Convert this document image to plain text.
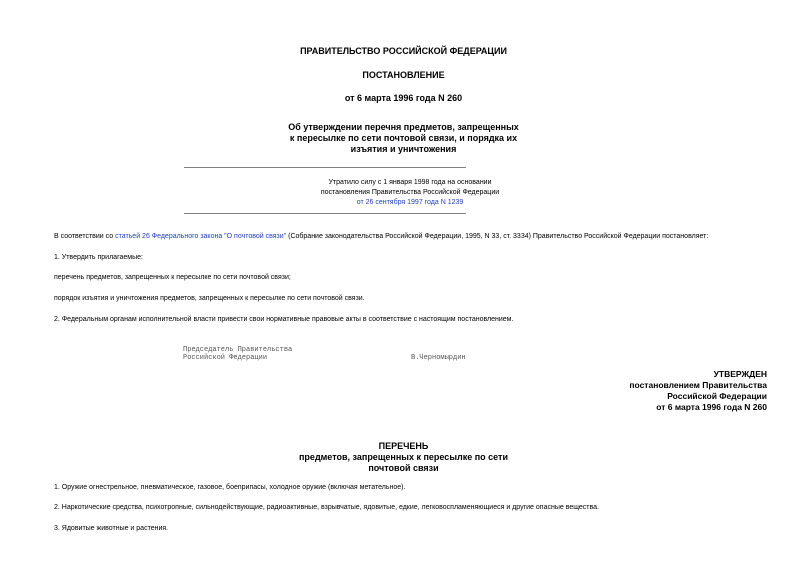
ПРАВИТЕЛЬСТВО РОССИЙСКОЙ ФЕДЕРАЦИИ
ПОСТАНОВЛЕНИЕ
от 6 марта 1996 года N 260
Об утверждении перечня предметов, запрещенных
к пересылке по сети почтовой связи, и порядка их
изъятия и уничтожения
Утратило силу с 1 января 1998 года на основании
постановления Правительства Российской Федерации
от 26 сентября 1997 года N 1239
В соответствии со статьей 26 Федерального закона "О почтовой связи" (Собрание законодательства Российской Федерации, 1995, N 33, ст. 3334) Правительство Российской Федерации постановляет:
1. Утвердить прилагаемые:
перечень предметов, запрещенных к пересылке по сети почтовой связи;
порядок изъятия и уничтожения предметов, запрещенных к пересылке по сети почтовой связи.
2. Федеральным органам исполнительной власти привести свои нормативные правовые акты в соответствие с настоящим постановлением.
Председатель Правительства
Российской Федерации	В.Черномырдин
УТВЕРЖДЕН
постановлением Правительства
Российской Федерации
от 6 марта 1996 года N 260
ПЕРЕЧЕНЬ
предметов, запрещенных к пересылке по сети
почтовой связи
1. Оружие огнестрельное, пневматическое, газовое, боеприпасы, холодное оружие (включая метательное).
2. Наркотические средства, психотропные, сильнодействующие, радиоактивные, взрывчатые, ядовитые, едкие, легковоспламеняющиеся и другие опасные вещества.
3. Ядовитые животные и растения.
